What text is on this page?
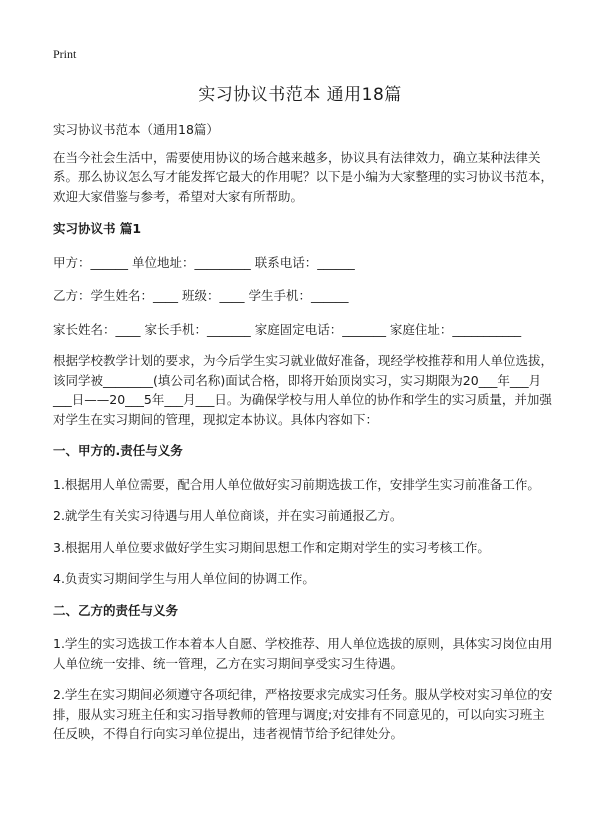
Print
实习协议书范本 通用18篇

实习协议书范本（通用18篇）

在当今社会生活中，需要使用协议的场合越来越多，协议具有法律效力，确立某种法律关系。那么协议怎么写才能发挥它最大的作用呢？以下是小编为大家整理的实习协议书范本，欢迎大家借鉴与参考，希望对大家有所帮助。

实习协议书 篇1

甲方：______ 单位地址：_________ 联系电话：______

乙方：学生姓名：____ 班级：____ 学生手机：______

家长姓名：____ 家长手机：_______ 家庭固定电话：_______ 家庭住址：___________

根据学校教学计划的要求，为今后学生实习就业做好准备，现经学校推荐和用人单位选拔，该同学被________(填公司名称)面试合格，即将开始顶岗实习，实习期限为20___年___月___日——20___5年___月___日。为确保学校与用人单位的协作和学生的实习质量，并加强对学生在实习期间的管理，现拟定本协议。具体内容如下：

一、甲方的.责任与义务

1.根据用人单位需要，配合用人单位做好实习前期选拔工作，安排学生实习前准备工作。

2.就学生有关实习待遇与用人单位商谈，并在实习前通报乙方。

3.根据用人单位要求做好学生实习期间思想工作和定期对学生的实习考核工作。

4.负责实习期间学生与用人单位间的协调工作。

二、乙方的责任与义务

1.学生的实习选拔工作本着本人自愿、学校推荐、用人单位选拔的原则，具体实习岗位由用人单位统一安排、统一管理，乙方在实习期间享受实习生待遇。

2.学生在实习期间必须遵守各项纪律，严格按要求完成实习任务。服从学校对实习单位的安排，服从实习班主任和实习指导教师的管理与调度;对安排有不同意见的，可以向实习班主任反映，不得自行向实习单位提出，违者视情节给予纪律处分。
